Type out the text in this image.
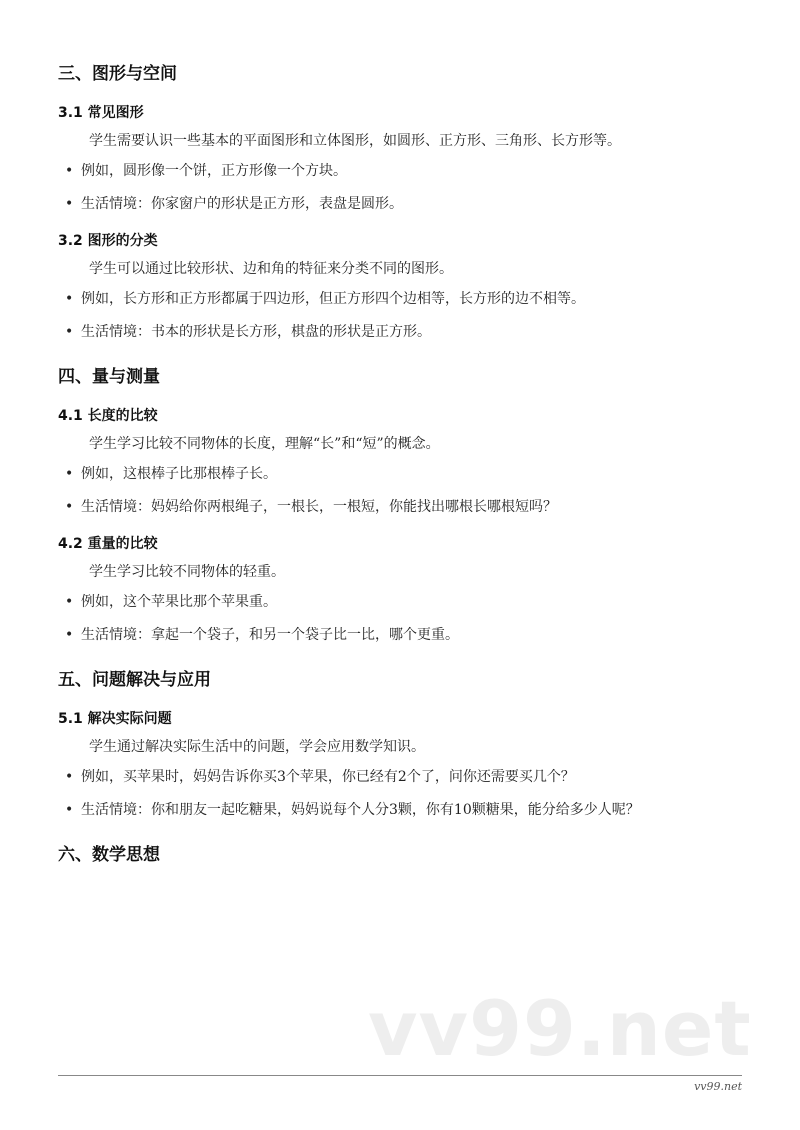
三、图形与空间
3.1 常见图形

学生需要认识一些基本的平面图形和立体图形，如圆形、正方形、三角形、长方形等。

• 例如，圆形像一个饼，正方形像一个方块。
• 生活情境：你家窗户的形状是正方形，表盘是圆形。
3.2 图形的分类

学生可以通过比较形状、边和角的特征来分类不同的图形。

• 例如，长方形和正方形都属于四边形，但正方形四个边相等，长方形的边不相等。
• 生活情境：书本的形状是长方形，棋盘的形状是正方形。
四、量与测量
4.1 长度的比较

学生学习比较不同物体的长度，理解“长”和“短”的概念。

• 例如，这根棒子比那根棒子长。
• 生活情境：妈妈给你两根绳子，一根长，一根短，你能找出哪根长哪根短吗？
4.2 重量的比较

学生学习比较不同物体的轻重。

• 例如，这个苹果比那个苹果重。
• 生活情境：拿起一个袋子，和另一个袋子比一比，哪个更重。
五、问题解决与应用
5.1 解决实际问题

学生通过解决实际生活中的问题，学会应用数学知识。

• 例如，买苹果时，妈妈告诉你买3个苹果，你已经有2个了，问你还需要买几个？
• 生活情境：你和朋友一起吃糖果，妈妈说每个人分3颗，你有10颗糖果，能分给多少人呢？
六、数学思想
vv99.net
vv99.net
